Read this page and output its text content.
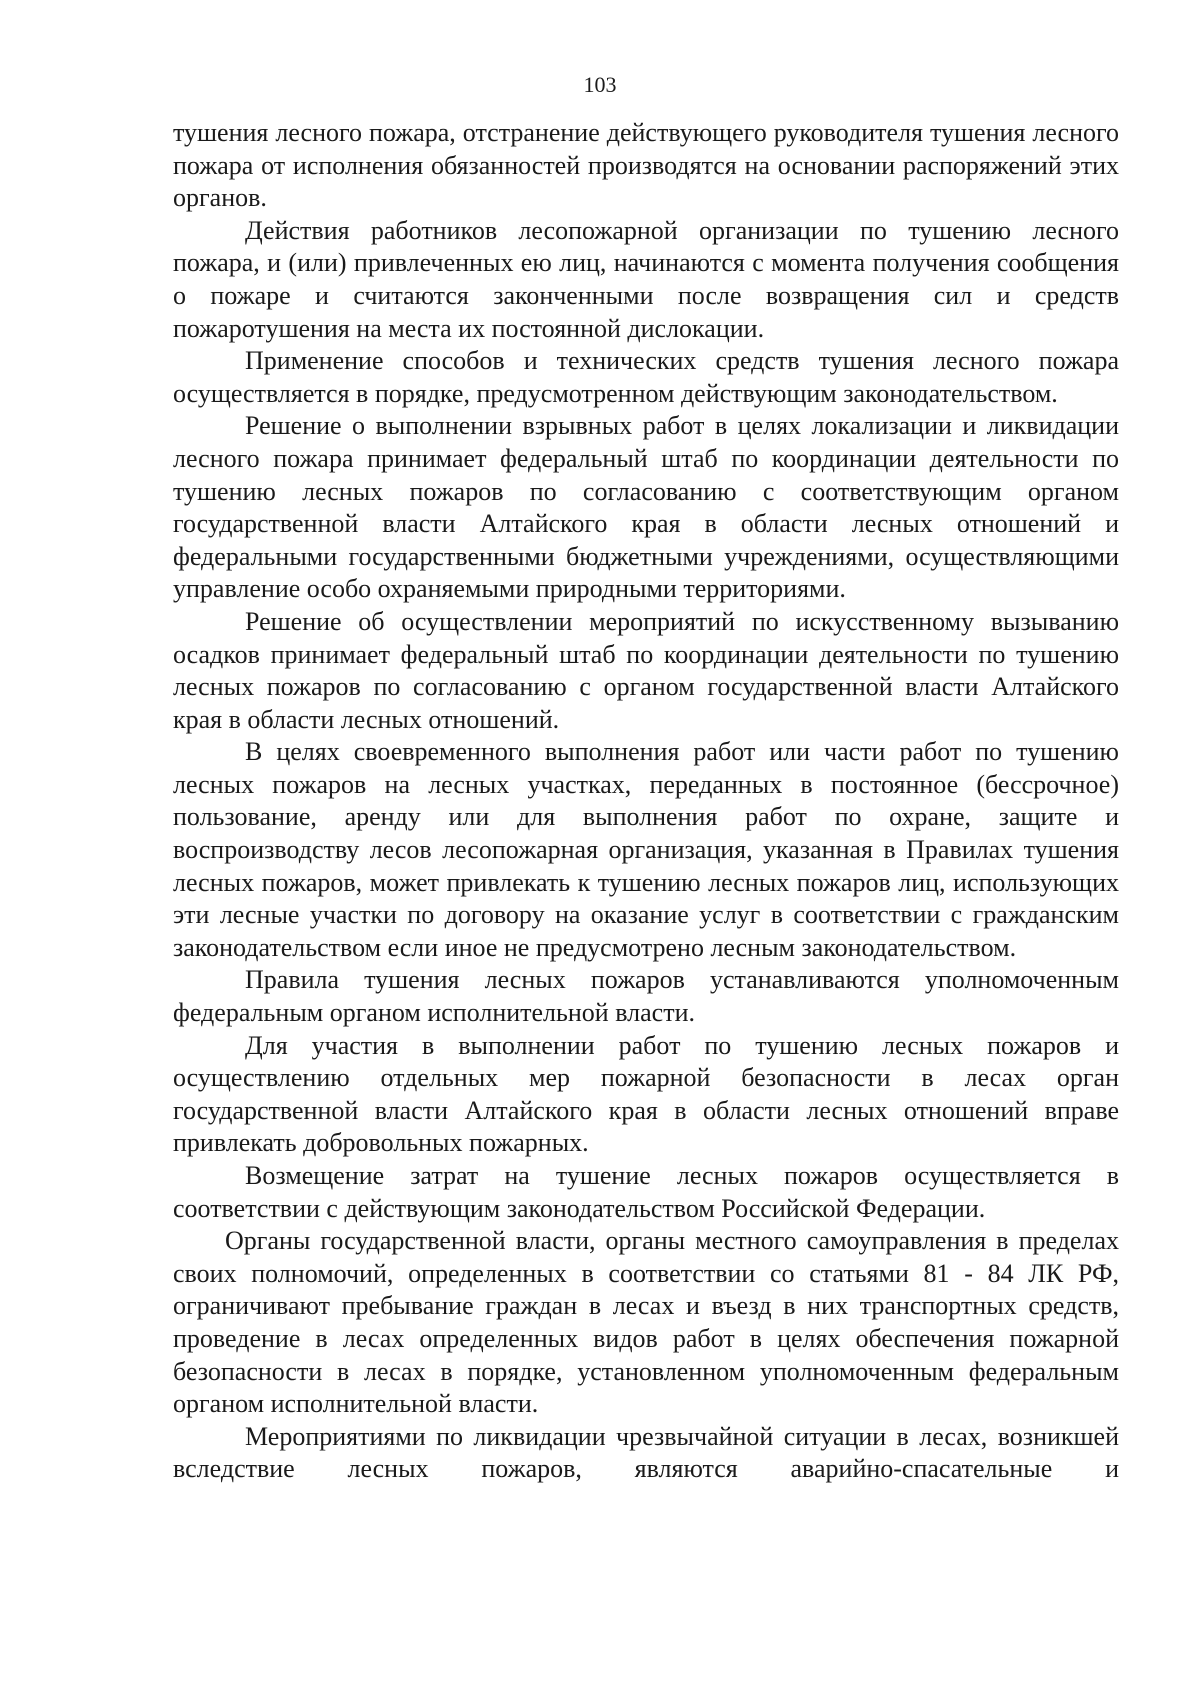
103

тушения лесного пожара, отстранение действующего руководителя тушения лесного пожара от исполнения обязанностей производятся на основании распоряжений этих органов.

Действия работников лесопожарной организации по тушению лесного пожара, и (или) привлеченных ею лиц, начинаются с момента получения сообщения о пожаре и считаются законченными после возвращения сил и средств пожаротушения на места их постоянной дислокации.

Применение способов и технических средств тушения лесного пожара осуществляется в порядке, предусмотренном действующим законодательством.

Решение о выполнении взрывных работ в целях локализации и ликвидации лесного пожара принимает федеральный штаб по координации деятельности по тушению лесных пожаров по согласованию с соответствующим органом государственной власти Алтайского края в области лесных отношений и федеральными государственными бюджетными учреждениями, осуществляющими управление особо охраняемыми природными территориями.

Решение об осуществлении мероприятий по искусственному вызыванию осадков принимает федеральный штаб по координации деятельности по тушению лесных пожаров по согласованию с органом государственной власти Алтайского края в области лесных отношений.

В целях своевременного выполнения работ или части работ по тушению лесных пожаров на лесных участках, переданных в постоянное (бессрочное) пользование, аренду или для выполнения работ по охране, защите и воспроизводству лесов лесопожарная организация, указанная в Правилах тушения лесных пожаров, может привлекать к тушению лесных пожаров лиц, использующих эти лесные участки по договору на оказание услуг в соответствии с гражданским законодательством если иное не предусмотрено лесным законодательством.

Правила тушения лесных пожаров устанавливаются уполномоченным федеральным органом исполнительной власти.

Для участия в выполнении работ по тушению лесных пожаров и осуществлению отдельных мер пожарной безопасности в лесах орган государственной власти Алтайского края в области лесных отношений вправе привлекать добровольных пожарных.

Возмещение затрат на тушение лесных пожаров осуществляется в соответствии с действующим законодательством Российской Федерации.

Органы государственной власти, органы местного самоуправления в пределах своих полномочий, определенных в соответствии со статьями 81 - 84 ЛК РФ, ограничивают пребывание граждан в лесах и въезд в них транспортных средств, проведение в лесах определенных видов работ в целях обеспечения пожарной безопасности в лесах в порядке, установленном уполномоченным федеральным органом исполнительной власти.

Мероприятиями по ликвидации чрезвычайной ситуации в лесах, возникшей вследствие лесных пожаров, являются аварийно-спасательные и
